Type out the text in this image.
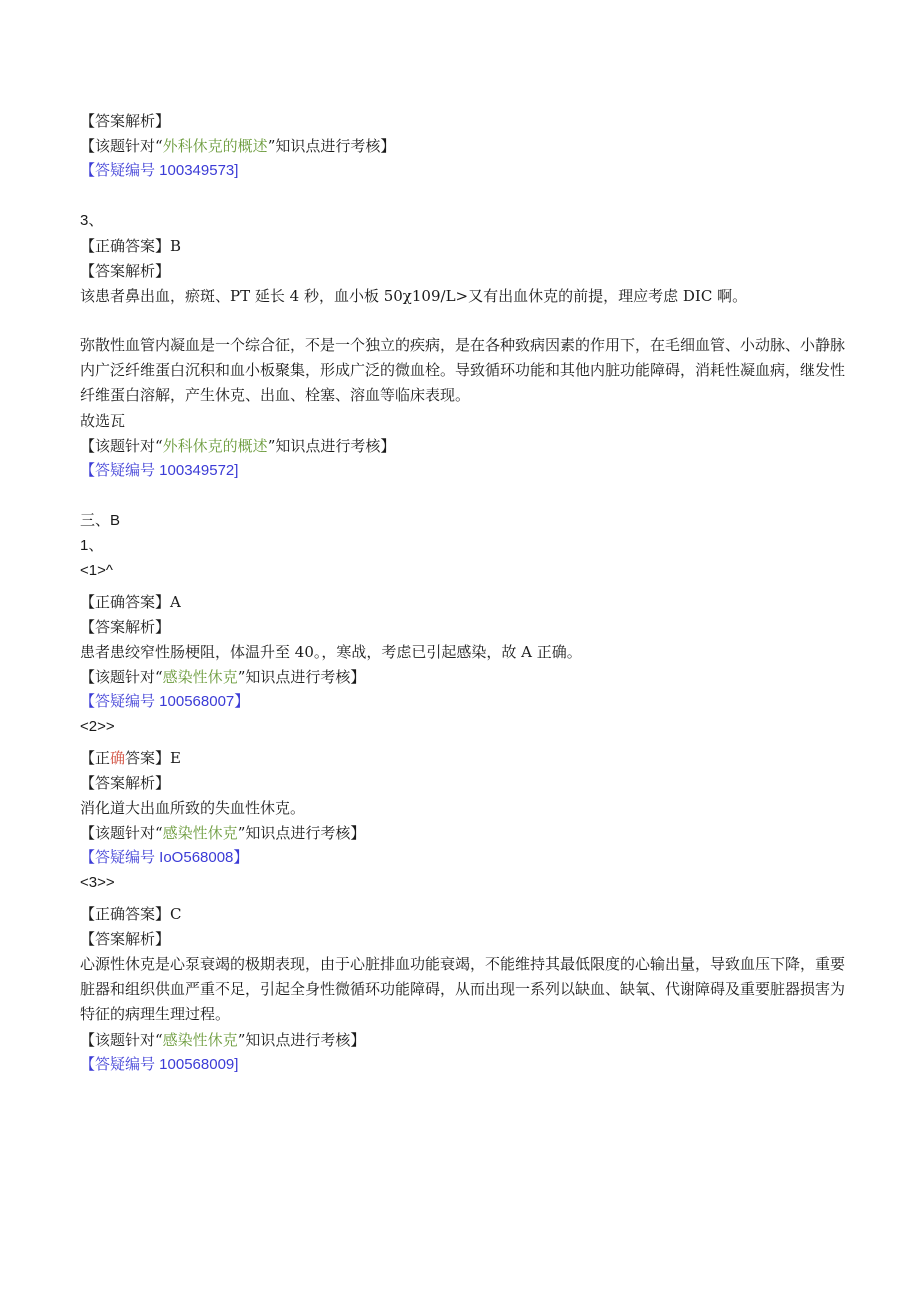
【答案解析】
【该题针对“外科休克的概述”知识点进行考核】
【答疑编号 100349573]
3、
【正确答案】B
【答案解析】
该患者鼻出血，瘀斑、PT 延长 4 秒，血小板 50χ109∕L>又有出血休克的前提，理应考虑 DIC 啊。
弥散性血管内凝血是一个综合征，不是一个独立的疾病，是在各种致病因素的作用下，在毛细血管、小动脉、小静脉内广泛纤维蛋白沉积和血小板聚集，形成广泛的微血栓。导致循环功能和其他内脏功能障碍，消耗性凝血病，继发性纤维蛋白溶解，产生休克、出血、栓塞、溶血等临床表现。
故选瓦
【该题针对“外科休克的概述”知识点进行考核】
【答疑编号 100349572]
三、B
1、
<1>^
【正确答案】A
【答案解析】
患者患绞窄性肠梗阻，体温升至 40。，寒战，考虑已引起感染，故 A 正确。
【该题针对“感染性休克”知识点进行考核】
【答疑编号 100568007】
<2>>
【正确答案】E
【答案解析】
消化道大出血所致的失血性休克。
【该题针对“感染性休克”知识点进行考核】
【答疑编号 IoO568008】
<3>>
【正确答案】C
【答案解析】
心源性休克是心泵衰竭的极期表现，由于心脏排血功能衰竭，不能维持其最低限度的心输出量，导致血压下降，重要脏器和组织供血严重不足，引起全身性微循环功能障碍，从而出现一系列以缺血、缺氧、代谢障碍及重要脏器损害为特征的病理生理过程。
【该题针对“感染性休克”知识点进行考核】
【答疑编号 100568009]
